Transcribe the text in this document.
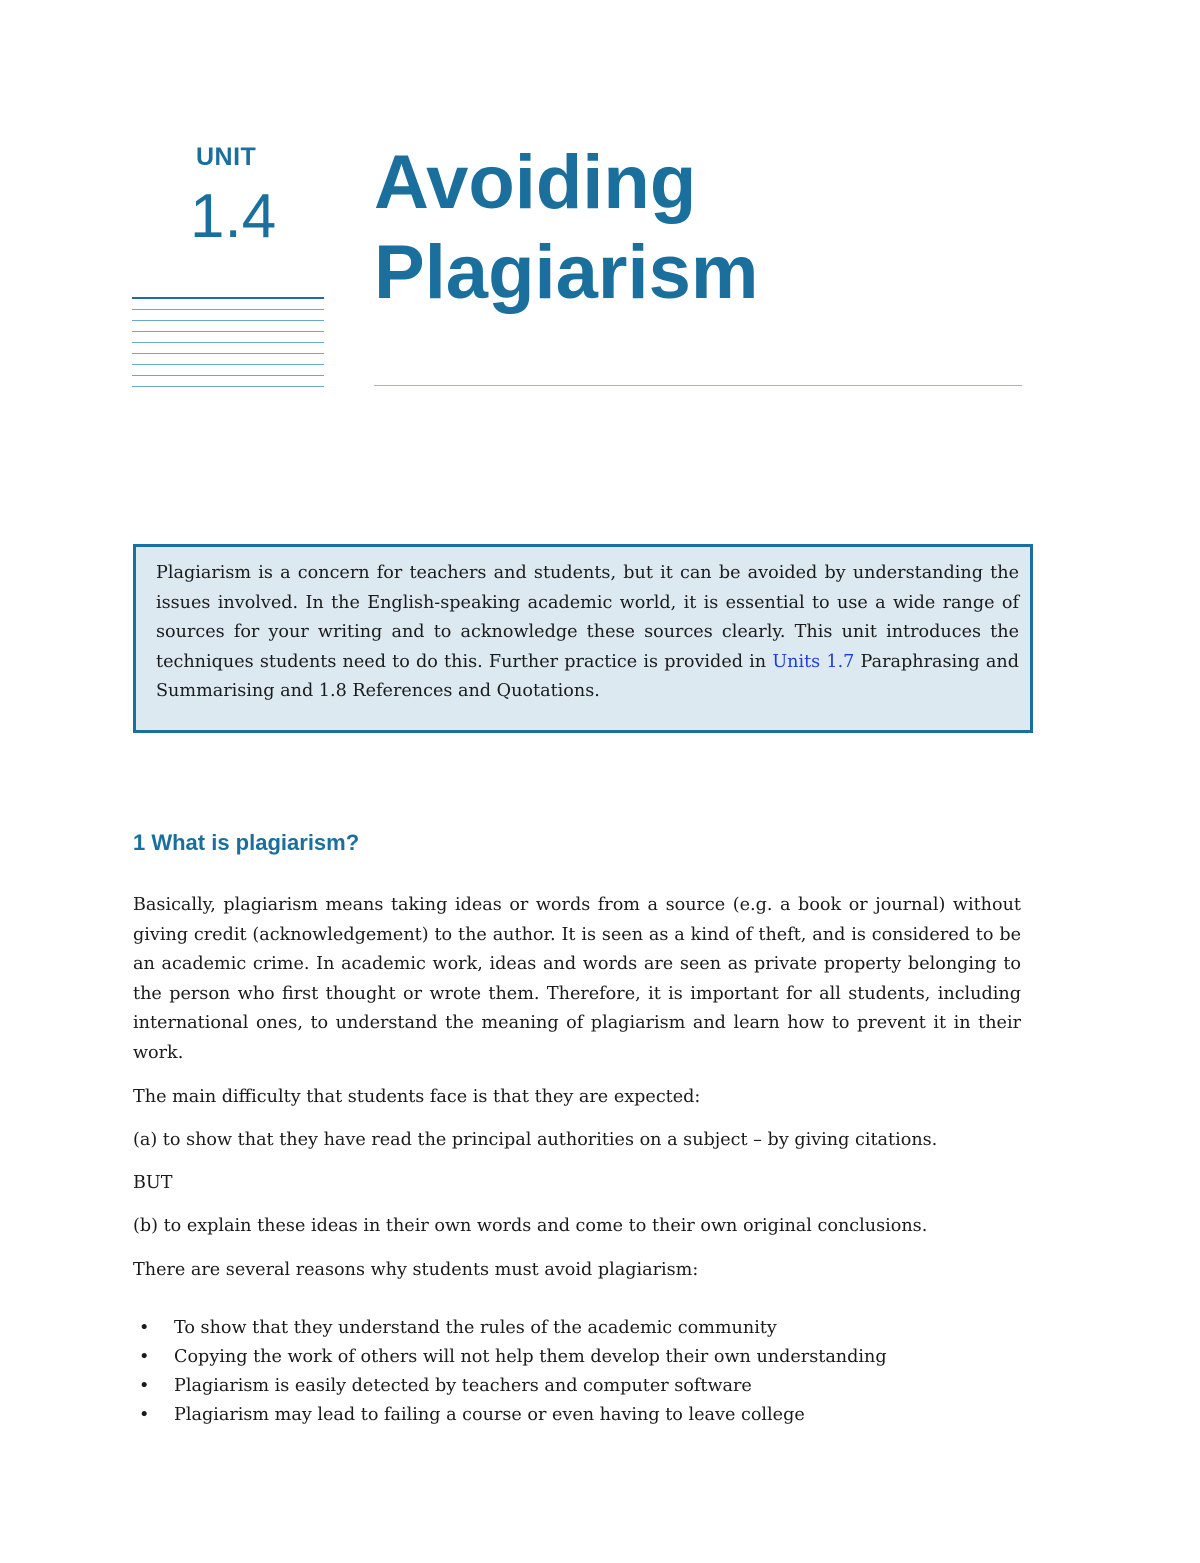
UNIT
1.4 Avoiding
Plagiarism

Plagiarism is a concern for teachers and students, but it can be avoided by understanding the issues involved. In the English-speaking academic world, it is essential to use a wide range of sources for your writing and to acknowledge these sources clearly. This unit introduces the techniques students need to do this. Further practice is provided in Units 1.7 Paraphrasing and Summarising and 1.8 References and Quotations.

1 What is plagiarism?

Basically, plagiarism means taking ideas or words from a source (e.g. a book or journal) without giving credit (acknowledgement) to the author. It is seen as a kind of theft, and is considered to be an academic crime. In academic work, ideas and words are seen as private property belonging to the person who first thought or wrote them. Therefore, it is important for all students, including international ones, to understand the meaning of plagiarism and learn how to prevent it in their work.

The main difficulty that students face is that they are expected:

(a) to show that they have read the principal authorities on a subject – by giving citations.

BUT

(b) to explain these ideas in their own words and come to their own original conclusions.

There are several reasons why students must avoid plagiarism:

• To show that they understand the rules of the academic community
• Copying the work of others will not help them develop their own understanding
• Plagiarism is easily detected by teachers and computer software
• Plagiarism may lead to failing a course or even having to leave college
